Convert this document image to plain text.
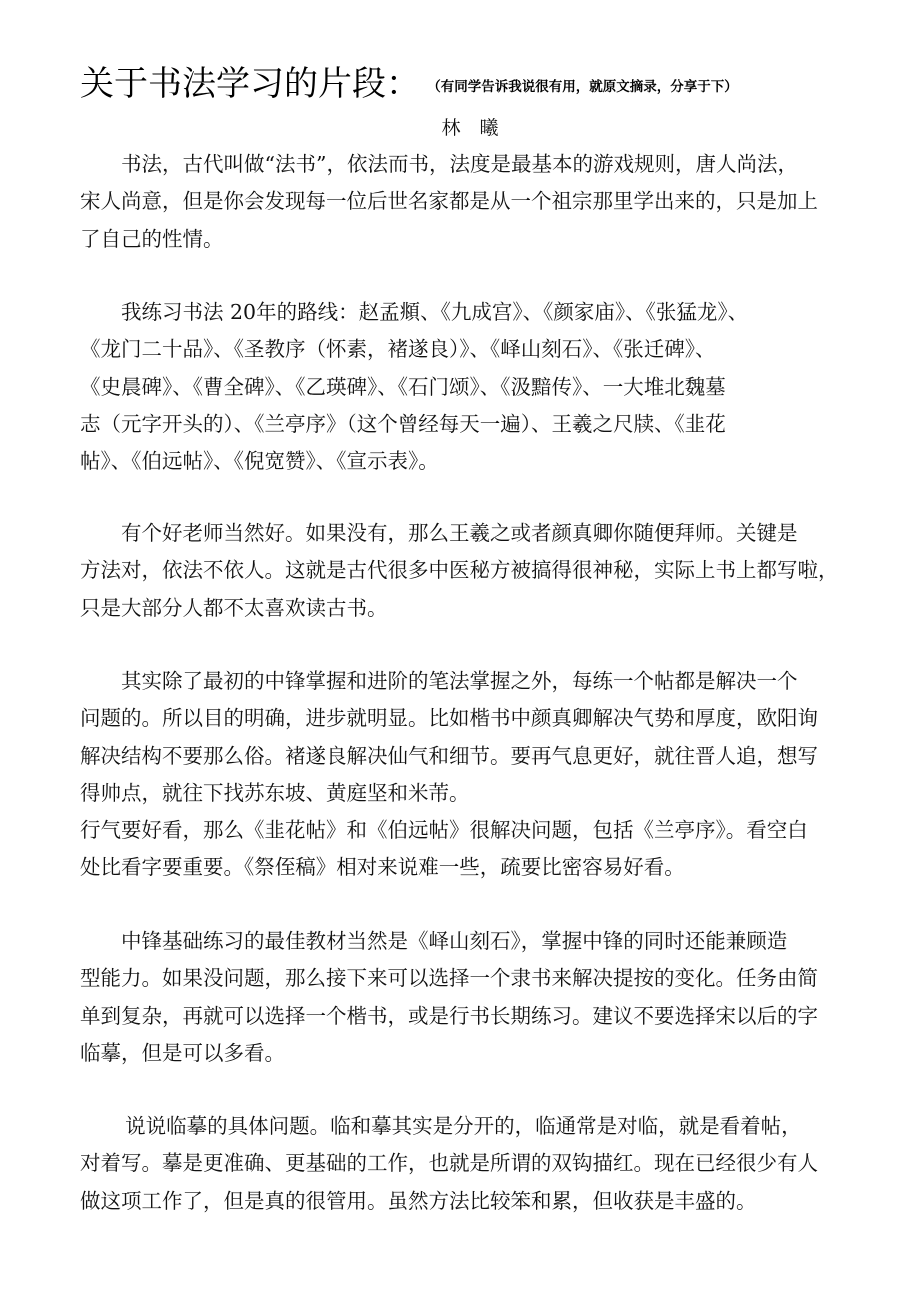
关于书法学习的片段： $^{(有同学告诉我说很有用,就原文摘录,分享于下)}$
林　曦
书法，古代叫做“法书”，依法而书，法度是最基本的游戏规则，唐人尚法，
宋人尚意，但是你会发现每一位后世名家都是从一个祖宗那里学出来的，只是加上
了自己的性情。
我练习书法 20年的路线：赵孟頫、《九成宫》、《颜家庙》、《张猛龙》、
《龙门二十品》、《圣教序（怀素，褚遂良）》、《峄山刻石》、《张迁碑》、
《史晨碑》、《曹全碑》、《乙瑛碑》、《石门颂》、《汲黯传》、一大堆北魏墓
志（元字开头的）、《兰亭序》（这个曾经每天一遍）、王羲之尺牍、《韭花
帖》、《伯远帖》、《倪宽赞》、《宣示表》。
有个好老师当然好。如果没有，那么王羲之或者颜真卿你随便拜师。关键是
方法对，依法不依人。这就是古代很多中医秘方被搞得很神秘，实际上书上都写啦，
只是大部分人都不太喜欢读古书。
其实除了最初的中锋掌握和进阶的笔法掌握之外，每练一个帖都是解决一个
问题的。所以目的明确，进步就明显。比如楷书中颜真卿解决气势和厚度，欧阳询
解决结构不要那么俗。褚遂良解决仙气和细节。要再气息更好，就往晋人追，想写
得帅点，就往下找苏东坡、黄庭坚和米芾。
行气要好看，那么《韭花帖》和《伯远帖》很解决问题，包括《兰亭序》。看空白
处比看字要重要。《祭侄稿》相对来说难一些，疏要比密容易好看。
中锋基础练习的最佳教材当然是《峄山刻石》，掌握中锋的同时还能兼顾造
型能力。如果没问题，那么接下来可以选择一个隶书来解决提按的变化。任务由简
单到复杂，再就可以选择一个楷书，或是行书长期练习。建议不要选择宋以后的字
临摹，但是可以多看。
说说临摹的具体问题。临和摹其实是分开的，临通常是对临，就是看着帖，
对着写。摹是更准确、更基础的工作，也就是所谓的双钩描红。现在已经很少有人
做这项工作了，但是真的很管用。虽然方法比较笨和累，但收获是丰盛的。
